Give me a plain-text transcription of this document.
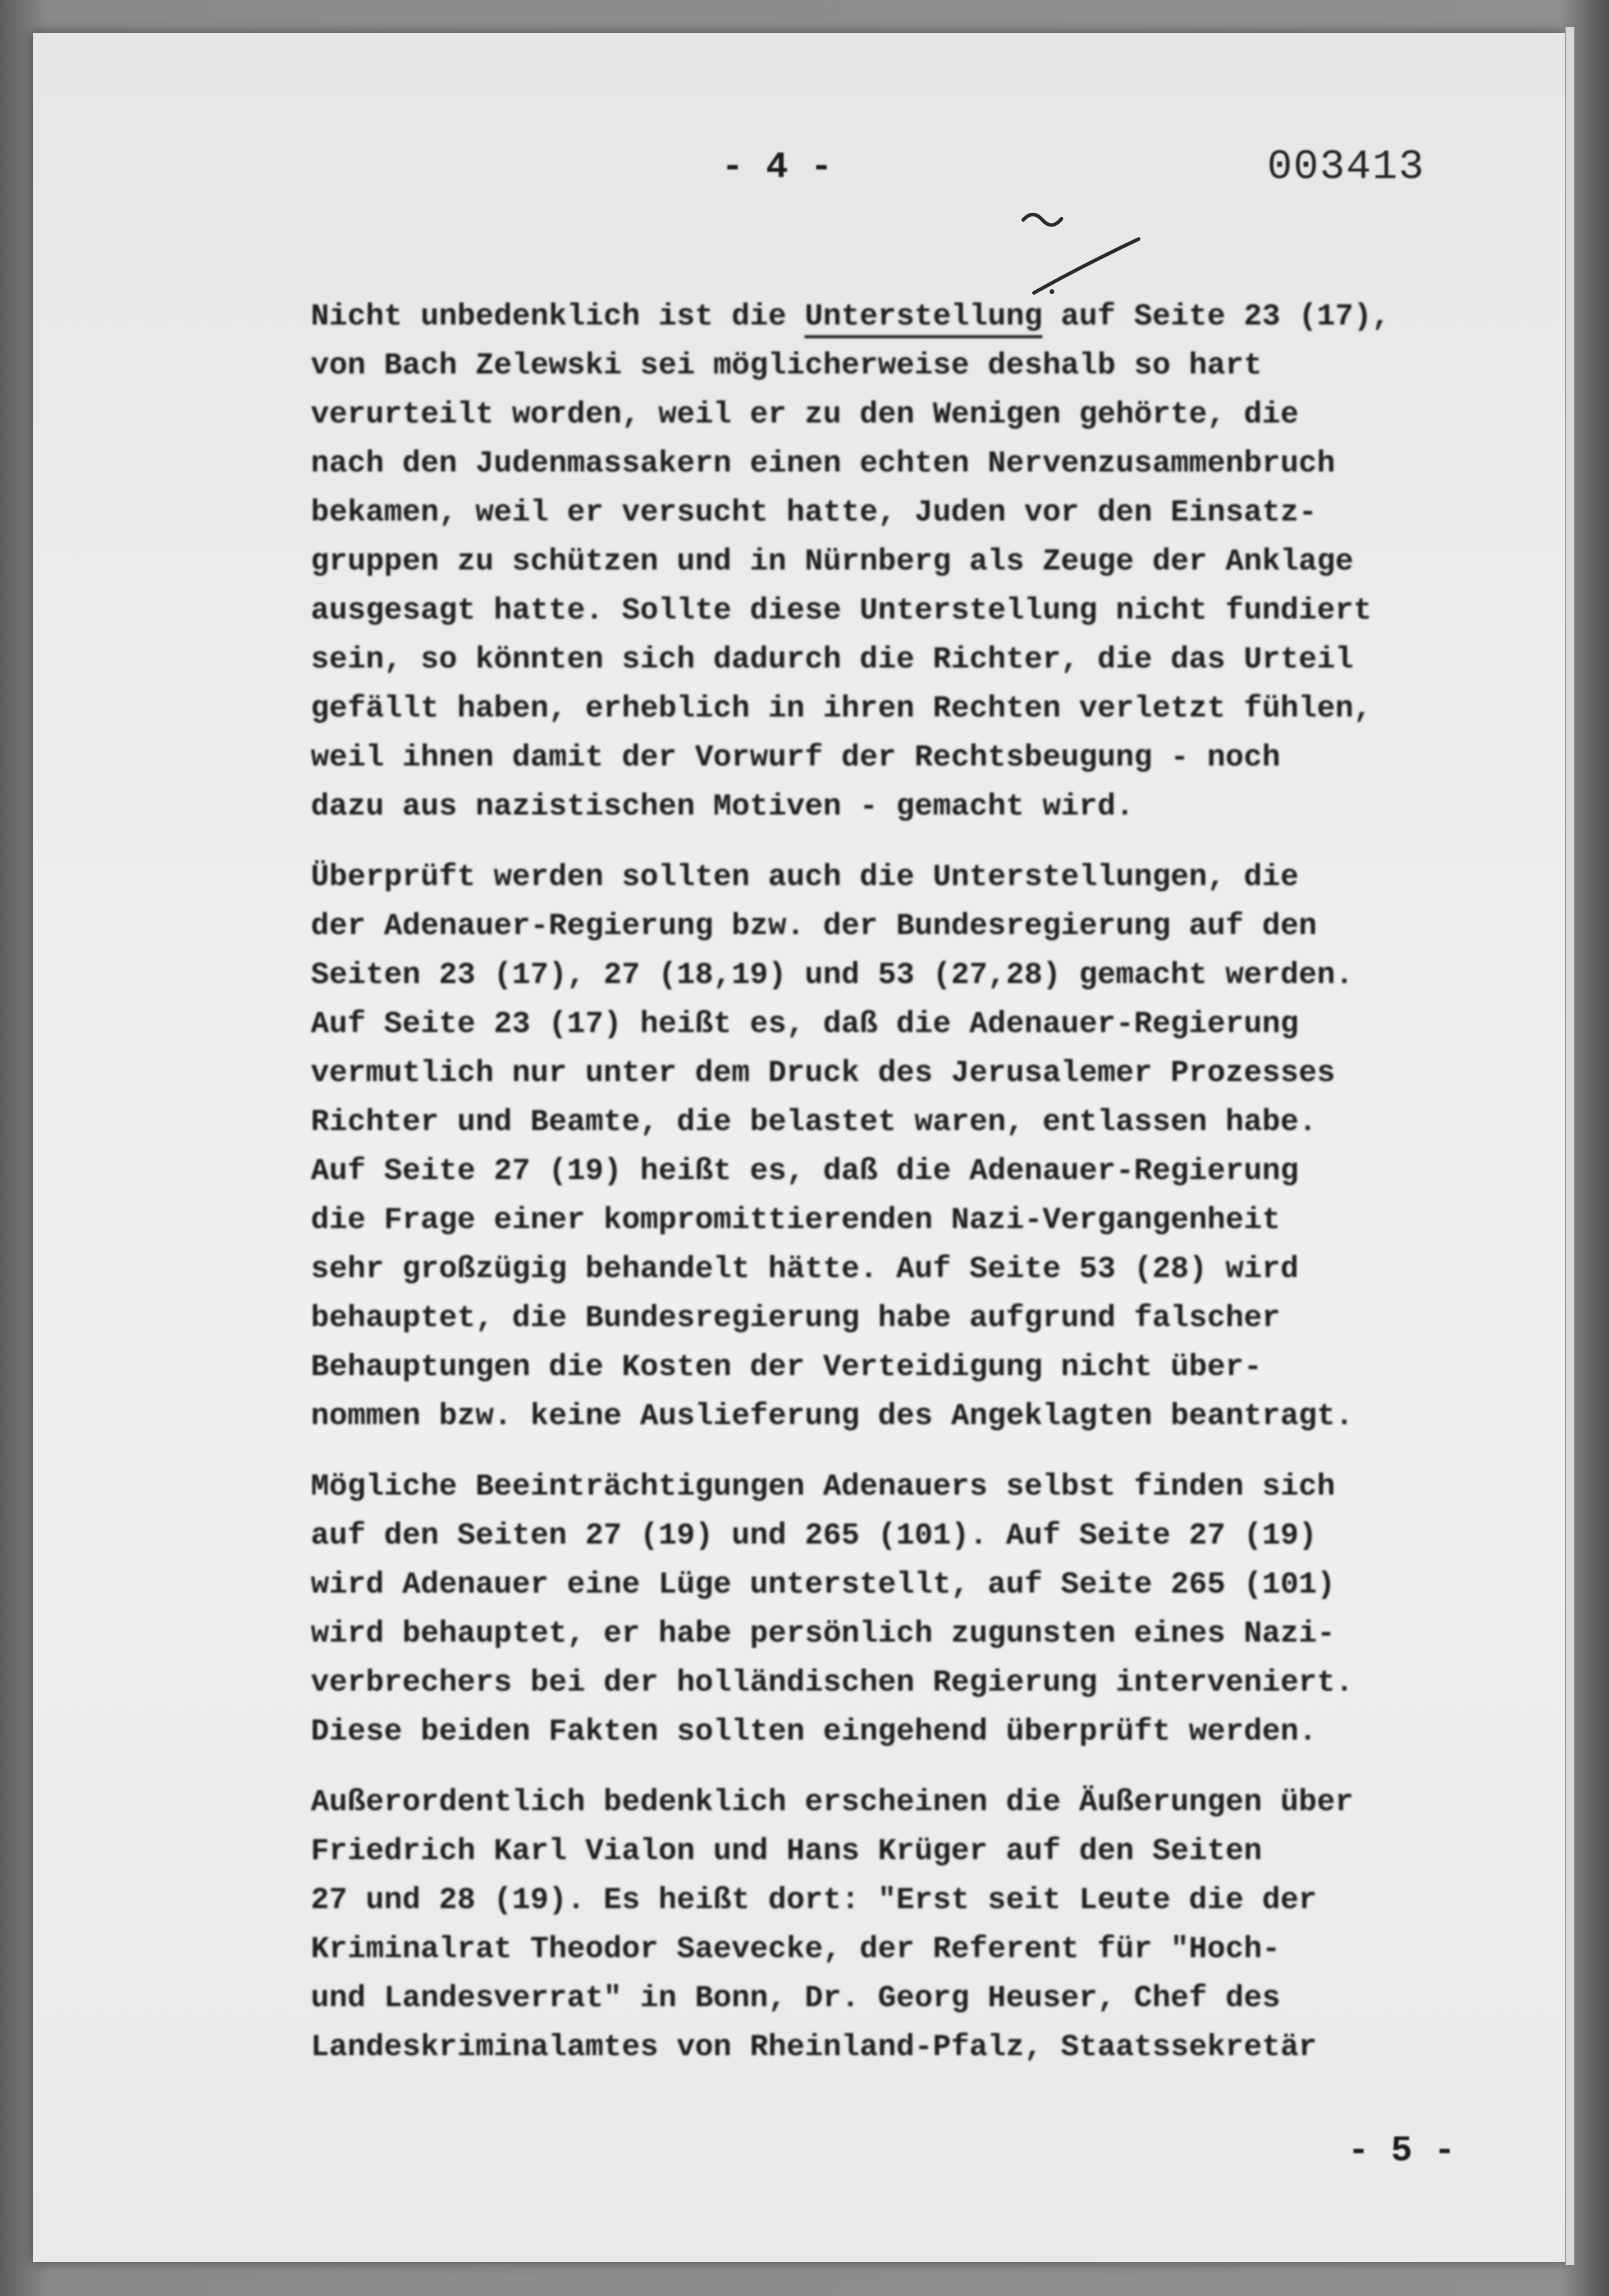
- 4 -	003413
Nicht unbedenklich ist die Unterstellung auf Seite 23 (17),
von Bach Zelewski sei möglicherweise deshalb so hart
verurteilt worden, weil er zu den Wenigen gehörte, die
nach den Judenmassakern einen echten Nervenzusammenbruch
bekamen, weil er versucht hatte, Juden vor den Einsatz-
gruppen zu schützen und in Nürnberg als Zeuge der Anklage
ausgesagt hatte. Sollte diese Unterstellung nicht fundiert
sein, so könnten sich dadurch die Richter, die das Urteil
gefällt haben, erheblich in ihren Rechten verletzt fühlen,
weil ihnen damit der Vorwurf der Rechtsbeugung - noch
dazu aus nazistischen Motiven - gemacht wird.
Überprüft werden sollten auch die Unterstellungen, die
der Adenauer-Regierung bzw. der Bundesregierung auf den
Seiten 23 (17), 27 (18,19) und 53 (27,28) gemacht werden.
Auf Seite 23 (17) heißt es, daß die Adenauer-Regierung
vermutlich nur unter dem Druck des Jerusalemer Prozesses
Richter und Beamte, die belastet waren, entlassen habe.
Auf Seite 27 (19) heißt es, daß die Adenauer-Regierung
die Frage einer kompromittierenden Nazi-Vergangenheit
sehr großzügig behandelt hätte. Auf Seite 53 (28) wird
behauptet, die Bundesregierung habe aufgrund falscher
Behauptungen die Kosten der Verteidigung nicht über-
nommen bzw. keine Auslieferung des Angeklagten beantragt.
Mögliche Beeinträchtigungen Adenauers selbst finden sich
auf den Seiten 27 (19) und 265 (101). Auf Seite 27 (19)
wird Adenauer eine Lüge unterstellt, auf Seite 265 (101)
wird behauptet, er habe persönlich zugunsten eines Nazi-
verbrechers bei der holländischen Regierung interveniert.
Diese beiden Fakten sollten eingehend überprüft werden.
Außerordentlich bedenklich erscheinen die Äußerungen über
Friedrich Karl Vialon und Hans Krüger auf den Seiten
27 und 28 (19). Es heißt dort: "Erst seit Leute die der
Kriminalrat Theodor Saevecke, der Referent für "Hoch-
und Landesverrat" in Bonn, Dr. Georg Heuser, Chef des
Landeskriminalamtes von Rheinland-Pfalz, Staatssekretär
- 5 -
